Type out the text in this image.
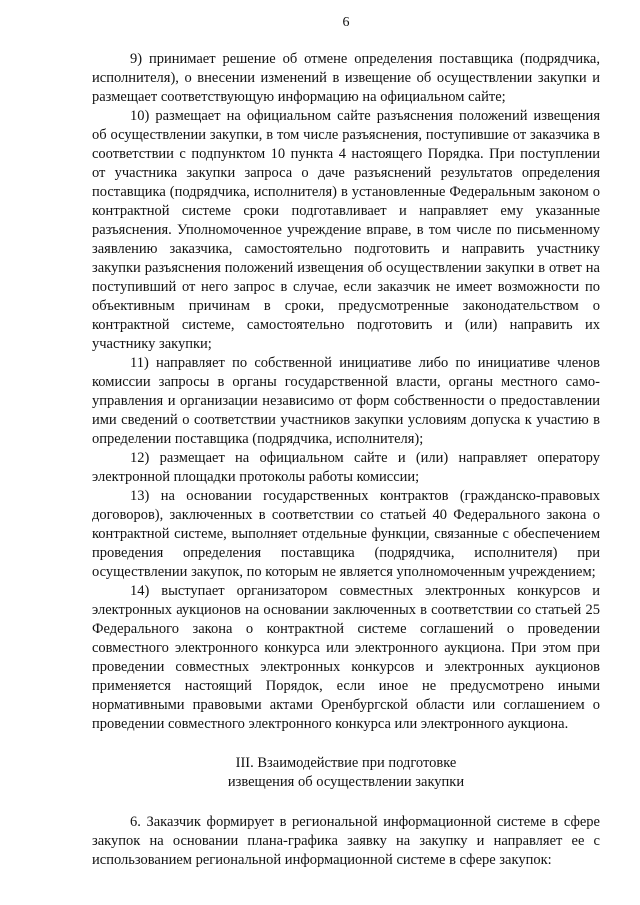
6

9) принимает решение об отмене определения поставщика (подрядчика, исполнителя), о внесении изменений в извещение об осуществлении закупки и размещает соответствующую информацию на официальном сайте;

10) размещает на официальном сайте разъяснения положений извещения об осуществлении закупки, в том числе разъяснения, поступившие от заказчика в соответствии с подпунктом 10 пункта 4 настоящего Порядка. При поступлении от участника закупки запроса о даче разъяснений результатов определения поставщика (подрядчика, исполнителя) в установленные Федеральным законом о контрактной системе сроки подготавливает и направляет ему указанные разъяснения. Уполномоченное учреждение вправе, в том числе по письменному заявлению заказчика, самостоятельно подготовить и направить участнику закупки разъяснения положений извещения об осуществлении закупки в ответ на поступивший от него запрос в случае, если заказчик не имеет возможности по объективным причинам в сроки, предусмотренные законодательством о контрактной системе, самостоятельно подготовить и (или) направить их участнику закупки;

11) направляет по собственной инициативе либо по инициативе членов комиссии запросы в органы государственной власти, органы местного самоуправления и организации независимо от форм собственности о предоставлении ими сведений о соответствии участников закупки условиям допуска к участию в определении поставщика (подрядчика, исполнителя);

12) размещает на официальном сайте и (или) направляет оператору электронной площадки протоколы работы комиссии;

13) на основании государственных контрактов (гражданско-правовых договоров), заключенных в соответствии со статьей 40 Федерального закона о контрактной системе, выполняет отдельные функции, связанные с обеспечением проведения определения поставщика (подрядчика, исполнителя) при осуществлении закупок, по которым не является уполномоченным учреждением;

14) выступает организатором совместных электронных конкурсов и электронных аукционов на основании заключенных в соответствии со статьей 25 Федерального закона о контрактной системе соглашений о проведении совместного электронного конкурса или электронного аукциона. При этом при проведении совместных электронных конкурсов и электронных аукционов применяется настоящий Порядок, если иное не предусмотрено иными нормативными правовыми актами Оренбургской области или соглашением о проведении совместного электронного конкурса или электронного аукциона.

III. Взаимодействие при подготовке
извещения об осуществлении закупки

6. Заказчик формирует в региональной информационной системе в сфере закупок на основании плана-графика заявку на закупку и направляет ее с использованием региональной информационной системе в сфере закупок:
